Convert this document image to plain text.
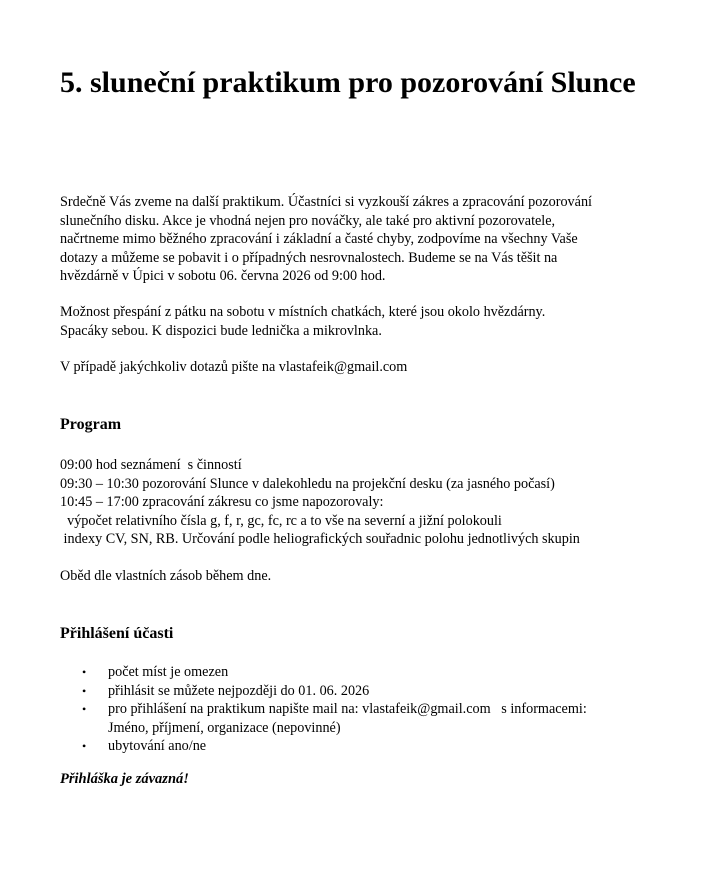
5. sluneční praktikum pro pozorování Slunce
Srdečně Vás zveme na další praktikum. Účastníci si vyzkouší zákres a zpracování pozorování
slunečního disku. Akce je vhodná nejen pro nováčky, ale také pro aktivní pozorovatele,
načrtneme mimo běžného zpracování i základní a časté chyby, zodpovíme na všechny Vaše
dotazy a můžeme se pobavit i o případných nesrovnalostech. Budeme se na Vás těšit na
hvězdárně v Úpici v sobotu 06. června 2026 od 9:00 hod.
Možnost přespání z pátku na sobotu v místních chatkách, které jsou okolo hvězdárny.
Spacáky sebou. K dispozici bude lednička a mikrovlnka.
V případě jakýchkoliv dotazů pište na vlastafeik@gmail.com
Program
09:00 hod seznámení  s činností
09:30 – 10:30 pozorování Slunce v dalekohledu na projekční desku (za jasného počasí)
10:45 – 17:00 zpracování zákresu co jsme napozorovaly:
výpočet relativního čísla g, f, r, gc, fc, rc a to vše na severní a jižní polokouli
indexy CV, SN, RB. Určování podle heliografických souřadnic polohu jednotlivých skupin
Oběd dle vlastních zásob během dne.
Přihlášení účasti
• počet míst je omezen
• přihlásit se můžete nejpozději do 01. 06. 2026
• pro přihlášení na praktikum napište mail na: vlastafeik@gmail.com   s informacemi:
Jméno, příjmení, organizace (nepovinné)
• ubytování ano/ne

Přihláška je závazná!
